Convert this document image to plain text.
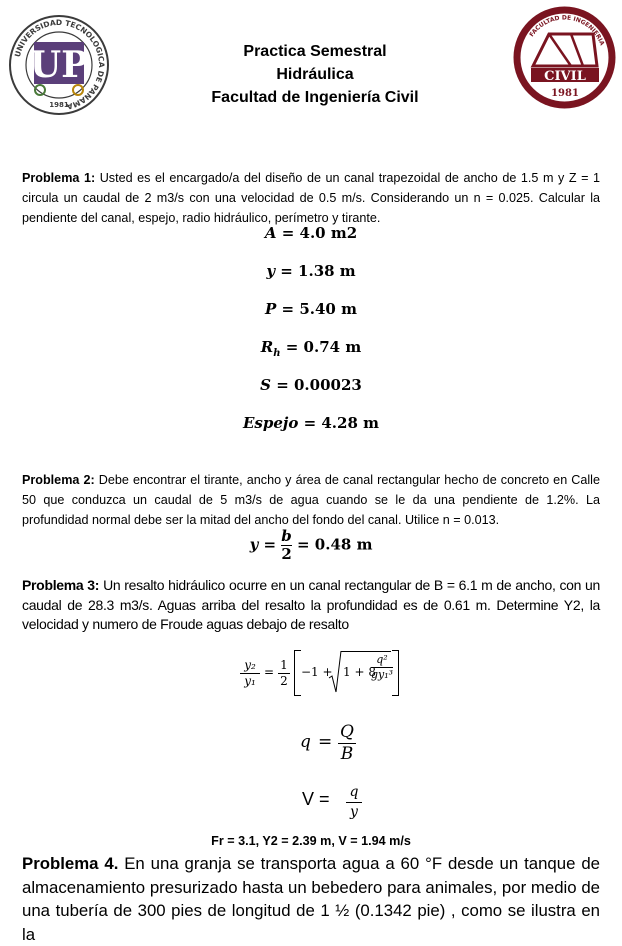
UNIVERSIDAD TECNOLOGICA DE PANAMA
UP
1981
Practica Semestral
Hidráulica
Facultad de Ingeniería Civil
FACULTAD DE INGENIERIA
CIVIL
1981
Problema 1: Usted es el encargado/a del diseño de un canal trapezoidal de ancho de 1.5 m y Z = 1 circula un caudal de 2 m3/s con una velocidad de 0.5 m/s. Considerando un n = 0.025. Calcular la pendiente del canal, espejo, radio hidráulico, perímetro y tirante.
A = 4.0 m2
y = 1.38 m
P = 5.40 m
$R_h = 0.74$ m
S = 0.00023
Espejo = 4.28 m
Problema 2: Debe encontrar el tirante, ancho y área de canal rectangular hecho de concreto en Calle 50 que conduzca un caudal de 5 m3/s de agua cuando se le da una pendiente de 1.2%. La profundidad normal debe ser la mitad del ancho del fondo del canal. Utilice n = 0.013.
$y = \frac{b}{2} = 0.48$ m
Problema 3: Un resalto hidráulico ocurre en un canal rectangular de B = 6.1 m de ancho, con un caudal de 28.3 m3/s. Aguas arriba del resalto la profundidad es de 0.61 m. Determine Y2, la velocidad y numero de Froude aguas debajo de resalto
y₂
y₁
= 1
2
−1 + 1 + 8
q²
gy₁³
q = Q
B
V = q
y
Fr = 3.1, Y2 = 2.39 m, V = 1.94 m/s
Problema 4. En una granja se transporta agua a 60 °F desde un tanque de almacenamiento presurizado hasta un bebedero para animales, por medio de una tubería de 300 pies de longitud de 1 ½ (0.1342 pie) , como se ilustra en la
